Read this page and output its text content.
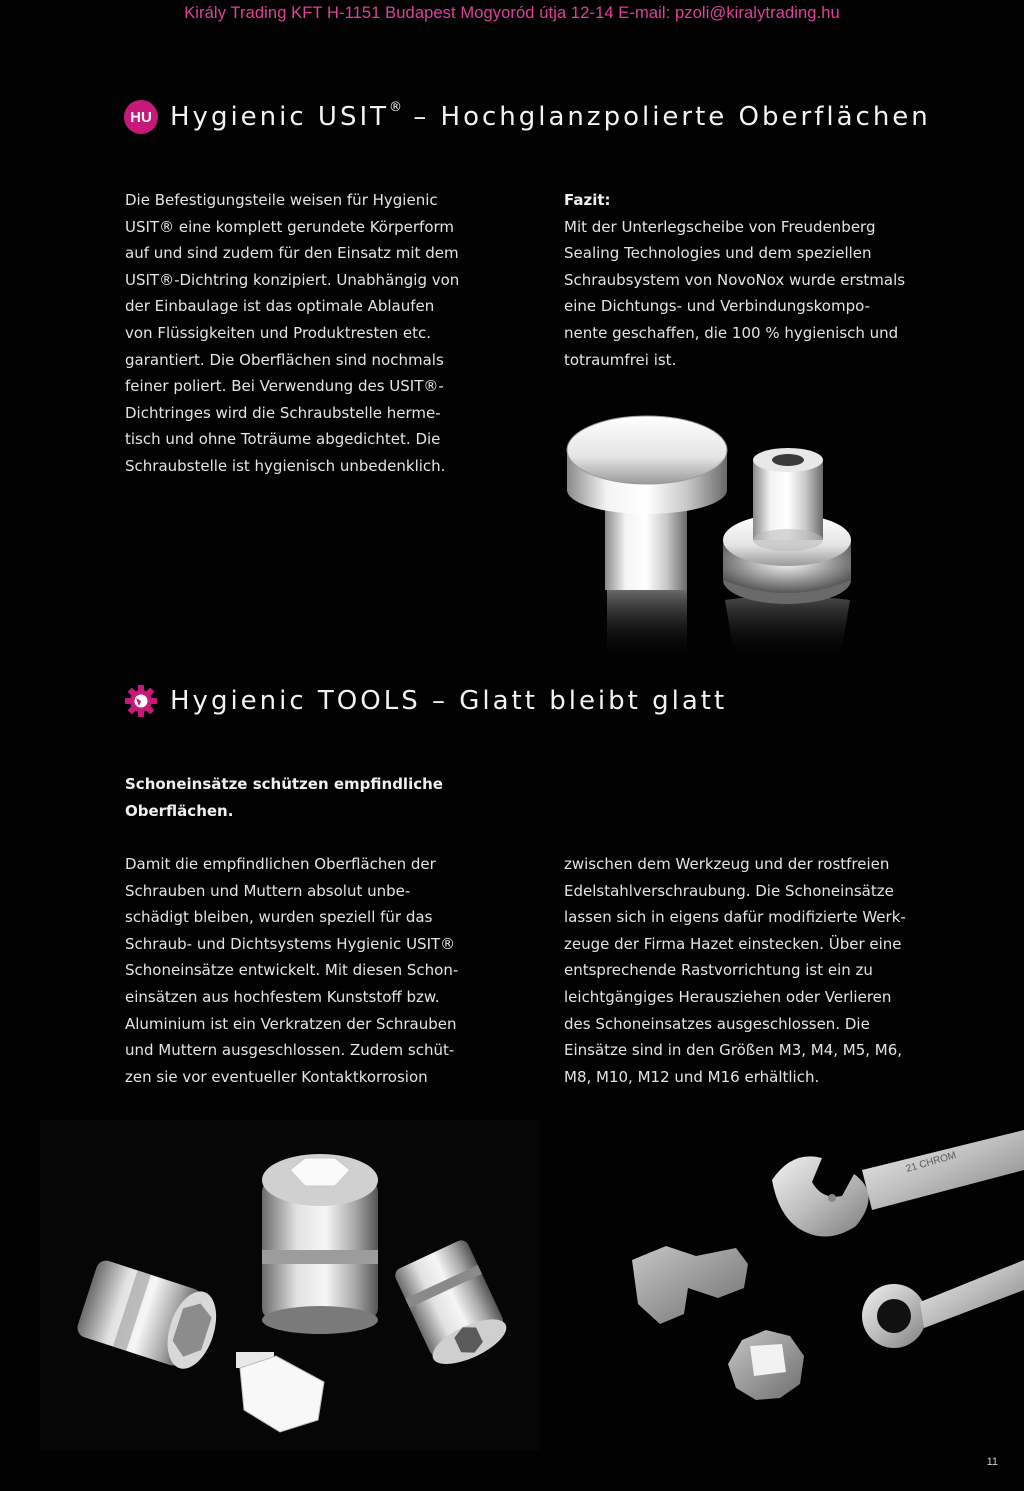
Király Trading KFT H-1151 Budapest Mogyoród útja 12-14 E-mail: pzoli@kiralytrading.hu
HU Hygienic USIT® – Hochglanzpolierte Oberflächen

Die Befestigungsteile weisen für Hygienic

USIT® eine komplett gerundete Körperform

auf und sind zudem für den Einsatz mit dem

USIT®-Dichtring konzipiert. Unabhängig von

der Einbaulage ist das optimale Ablaufen

von Flüssigkeiten und Produktresten etc.

garantiert. Die Oberflächen sind nochmals

feiner poliert. Bei Verwendung des USIT®-

Dichtringes wird die Schraubstelle herme-

tisch und ohne Toträume abgedichtet. Die

Schraubstelle ist hygienisch unbedenklich.

Fazit:

Mit der Unterlegscheibe von Freudenberg

Sealing Technologies und dem speziellen

Schraubsystem von NovoNox wurde erstmals

eine Dichtungs- und Verbindungskompo-

nente geschaffen, die 100 % hygienisch und

totraumfrei ist.

Hygienic TOOLS – Glatt bleibt glatt

Schoneinsätze schützen empfindliche

Oberflächen.

Damit die empfindlichen Oberflächen der

Schrauben und Muttern absolut unbe-

schädigt bleiben, wurden speziell für das

Schraub- und Dichtsystems Hygienic USIT®

Schoneinsätze entwickelt. Mit diesen Schon-

einsätzen aus hochfestem Kunststoff bzw.

Aluminium ist ein Verkratzen der Schrauben

und Muttern ausgeschlossen. Zudem schüt-

zen sie vor eventueller Kontaktkorrosion

zwischen dem Werkzeug und der rostfreien

Edelstahlverschraubung. Die Schoneinsätze

lassen sich in eigens dafür modifizierte Werk-

zeuge der Firma Hazet einstecken. Über eine

entsprechende Rastvorrichtung ist ein zu

leichtgängiges Herausziehen oder Verlieren

des Schoneinsatzes ausgeschlossen. Die

Einsätze sind in den Größen M3, M4, M5, M6,

M8, M10, M12 und M16 erhältlich.

21 CHROM
11
